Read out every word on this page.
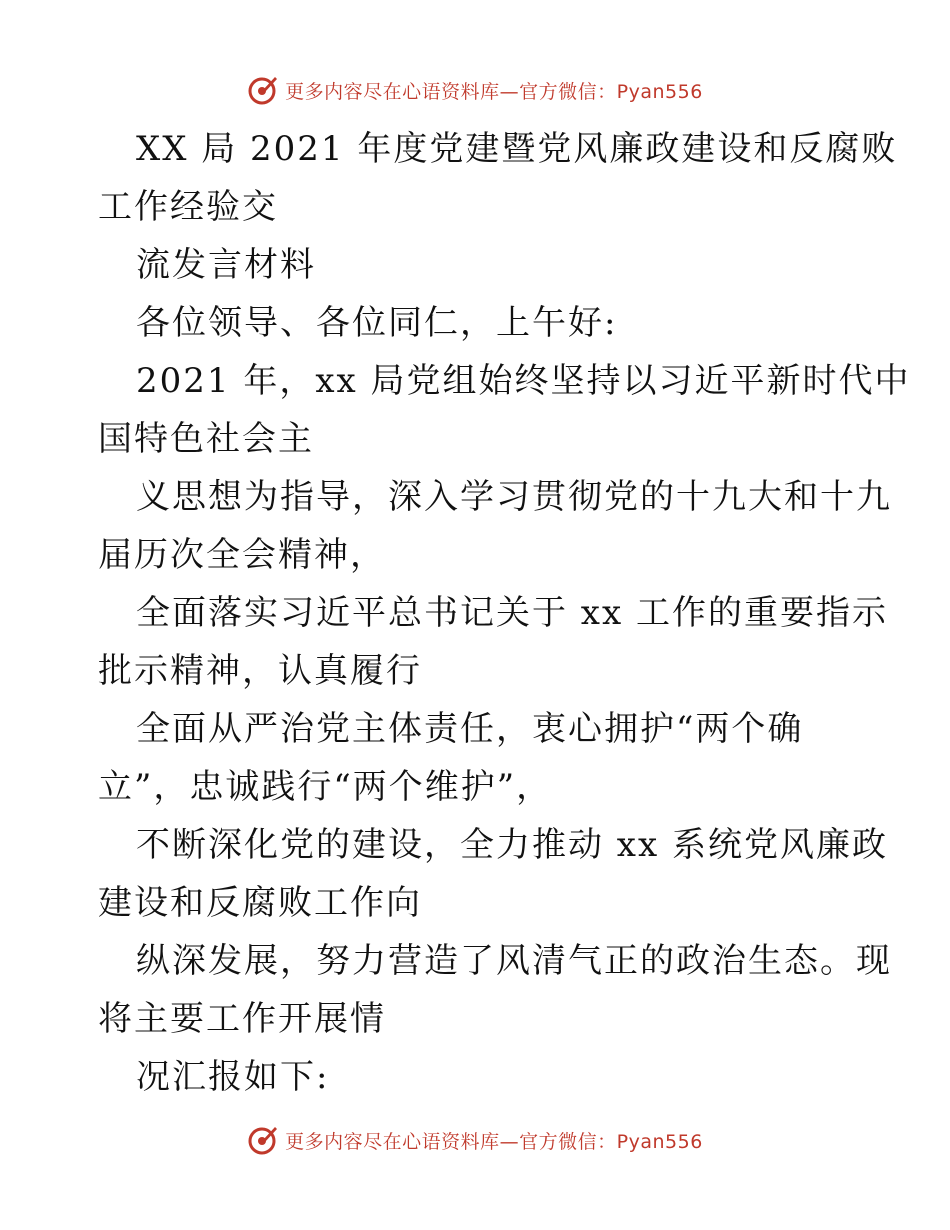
更多内容尽在心语资料库—官方微信：Pyan556
XX 局 2021 年度党建暨党风廉政建设和反腐败
工作经验交
流发言材料
各位领导、各位同仁，上午好:
2021 年，xx 局党组始终坚持以习近平新时代中
国特色社会主
义思想为指导，深入学习贯彻党的十九大和十九
届历次全会精神，
全面落实习近平总书记关于 xx 工作的重要指示
批示精神，认真履行
全面从严治党主体责任，衷心拥护“两个确
立”，忠诚践行“两个维护”，
不断深化党的建设，全力推动 xx 系统党风廉政
建设和反腐败工作向
纵深发展，努力营造了风清气正的政治生态。现
将主要工作开展情
况汇报如下:
更多内容尽在心语资料库—官方微信：Pyan556
